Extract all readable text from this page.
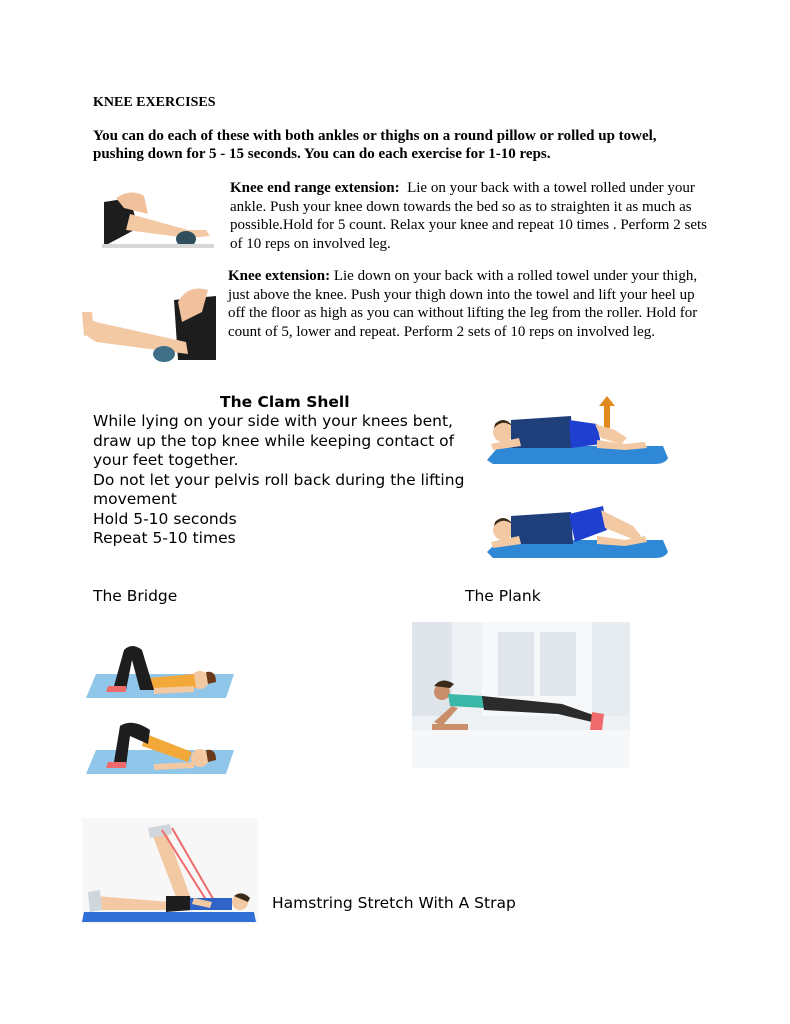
KNEE EXERCISES
You can do each of these with both ankles or thighs on a round pillow or rolled up towel, pushing down for 5 - 15 seconds. You can do each exercise for 1-10 reps.
Knee end range extension: Lie on your back with a towel rolled under your ankle. Push your knee down towards the bed so as to straighten it as much as possible.Hold for 5 count. Relax your knee and repeat 10 times . Perform 2 sets of 10 reps on involved leg.
Knee extension: Lie down on your back with a rolled towel under your thigh, just above the knee. Push your thigh down into the towel and lift your heel up off the floor as high as you can without lifting the leg from the roller. Hold for count of 5, lower and repeat. Perform 2 sets of 10 reps on involved leg.
The Clam Shell
While lying on your side with your knees bent,
draw up the top knee while keeping contact of
your feet together.
Do not let your pelvis roll back during the lifting
movement
Hold 5-10 seconds
Repeat 5-10 times
The Bridge	The Plank
Hamstring Stretch With A Strap
